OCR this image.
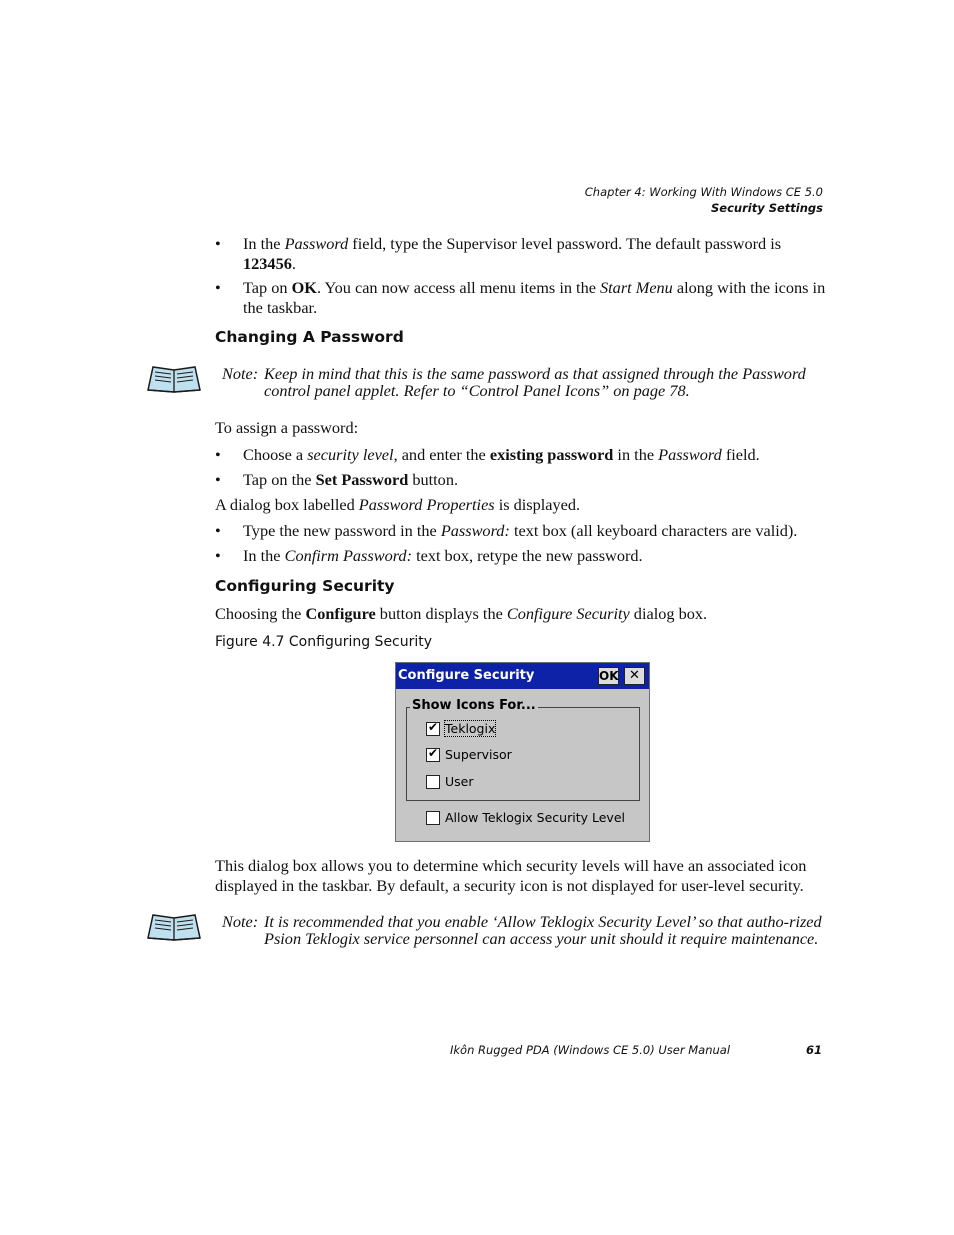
Chapter 4: Working With Windows CE 5.0
Security Settings
• In the Password field, type the Supervisor level password. The default password is 123456.
• Tap on OK. You can now access all menu items in the Start Menu along with the icons in the taskbar.
Changing A Password
Note: Keep in mind that this is the same password as that assigned through the Password control panel applet. Refer to “Control Panel Icons” on page 78.
To assign a password:
• Choose a security level, and enter the existing password in the Password field.
• Tap on the Set Password button.
A dialog box labelled Password Properties is displayed.
• Type the new password in the Password: text box (all keyboard characters are valid).
• In the Confirm Password: text box, retype the new password.
Configuring Security
Choosing the Configure button displays the Configure Security dialog box.
Figure 4.7 Configuring Security
Configure Security	OK ✕
Show Icons For...
✔ Teklogix
✔ Supervisor
User
Allow Teklogix Security Level
This dialog box allows you to determine which security levels will have an associated icon displayed in the taskbar. By default, a security icon is not displayed for user-level security.
Note: It is recommended that you enable ‘Allow Teklogix Security Level’ so that autho-rized Psion Teklogix service personnel can access your unit should it require maintenance.
Ikôn Rugged PDA (Windows CE 5.0) User Manual	61
